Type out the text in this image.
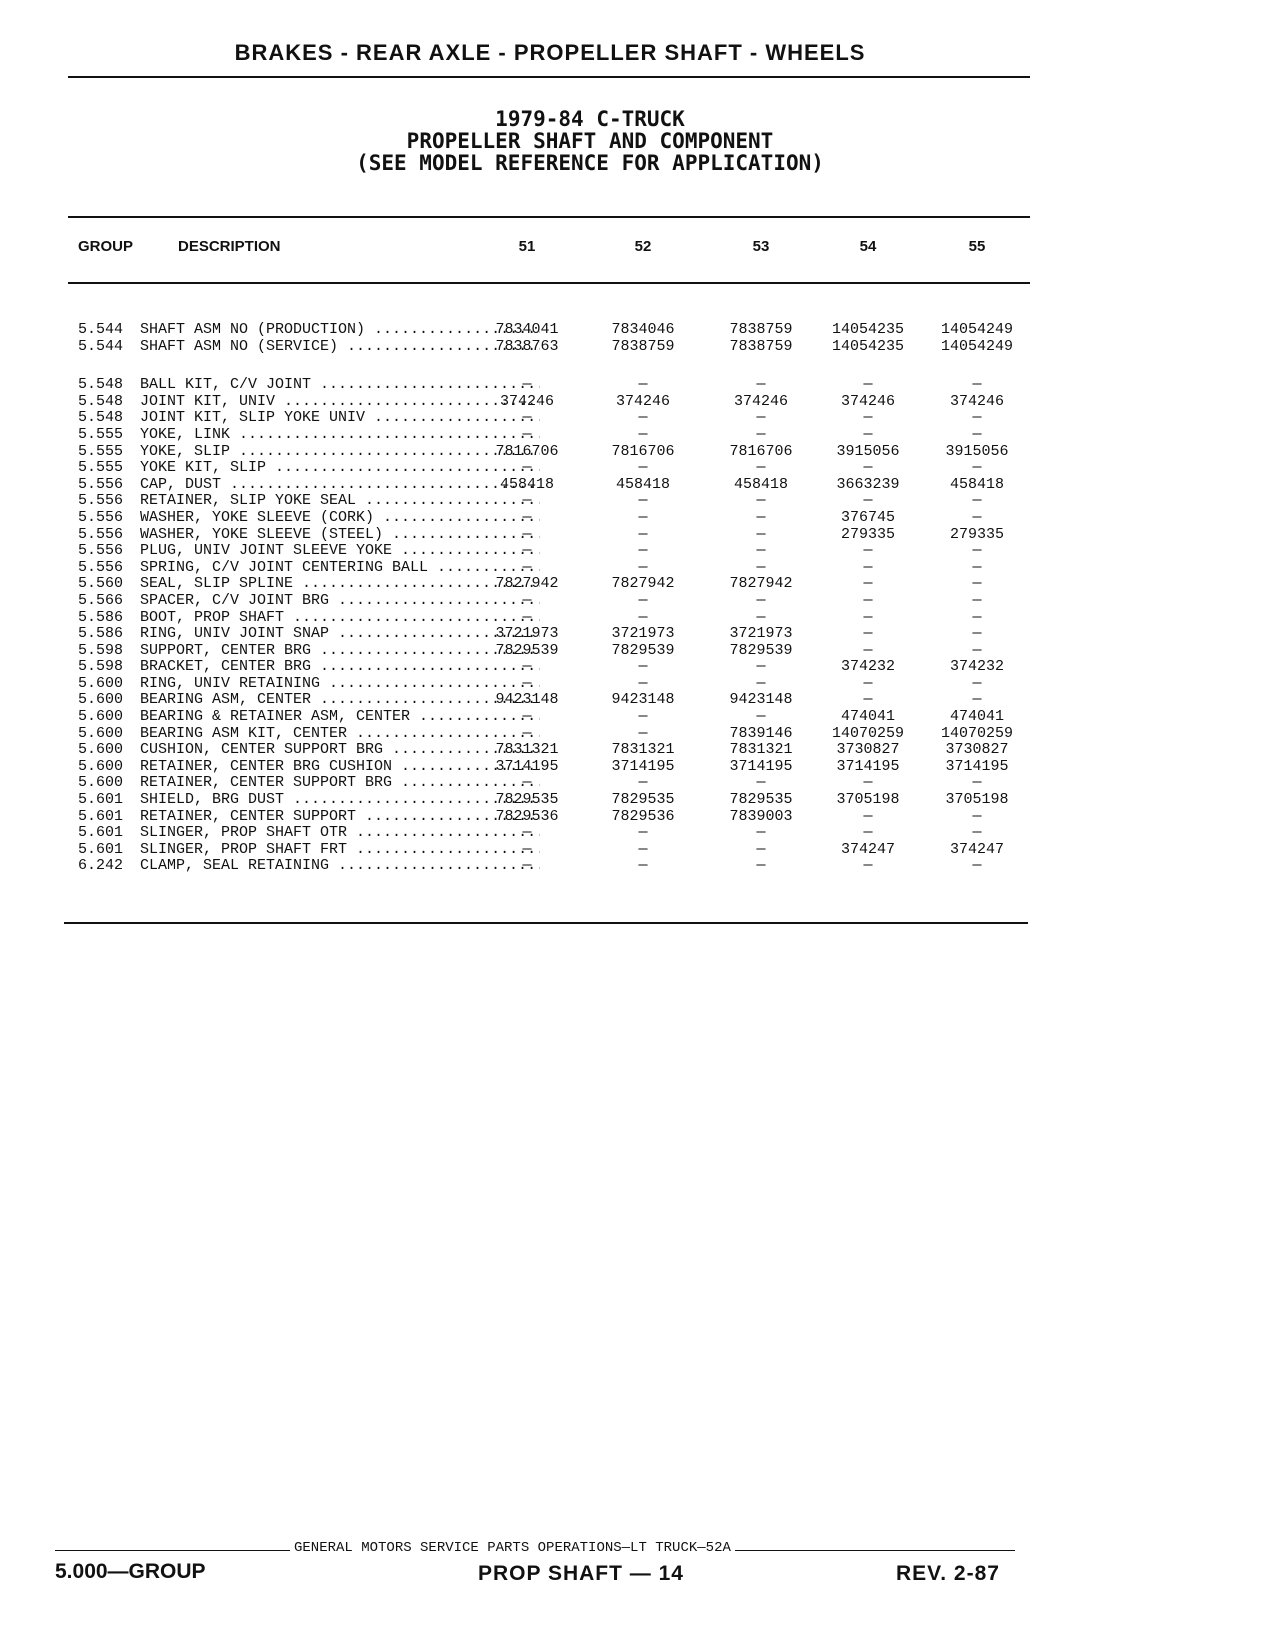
BRAKES - REAR AXLE - PROPELLER SHAFT - WHEELS
1979-84 C-TRUCK
PROPELLER SHAFT AND COMPONENT
(SEE MODEL REFERENCE FOR APPLICATION)
GROUP	DESCRIPTION	51	52	53	54	55
5.544	SHAFT ASM NO (PRODUCTION) .....	7834041	7834046	7838759	14054235	14054249
5.544	SHAFT ASM NO (SERVICE) .....	7838763	7838759	7838759	14054235	14054249
5.548	BALL KIT, C/V JOINT .....	—	—	—	—	—
5.548	JOINT KIT, UNIV .....	374246	374246	374246	374246	374246
5.548	JOINT KIT, SLIP YOKE UNIV .....	—	—	—	—	—
5.555	YOKE, LINK .....	—	—	—	—	—
5.555	YOKE, SLIP .....	7816706	7816706	7816706	3915056	3915056
5.555	YOKE KIT, SLIP .....	—	—	—	—	—
5.556	CAP, DUST .....	458418	458418	458418	3663239	458418
5.556	RETAINER, SLIP YOKE SEAL .....	—	—	—	—	—
5.556	WASHER, YOKE SLEEVE (CORK) .....	—	—	—	376745	—
5.556	WASHER, YOKE SLEEVE (STEEL) .....	—	—	—	279335	279335
5.556	PLUG, UNIV JOINT SLEEVE YOKE .....	—	—	—	—	—
5.556	SPRING, C/V JOINT CENTERING BALL .....	—	—	—	—	—
5.560	SEAL, SLIP SPLINE .....	7827942	7827942	7827942	—	—
5.566	SPACER, C/V JOINT BRG .....	—	—	—	—	—
5.586	BOOT, PROP SHAFT .....	—	—	—	—	—
5.586	RING, UNIV JOINT SNAP .....	3721973	3721973	3721973	—	—
5.598	SUPPORT, CENTER BRG .....	7829539	7829539	7829539	—	—
5.598	BRACKET, CENTER BRG .....	—	—	—	374232	374232
5.600	RING, UNIV RETAINING .....	—	—	—	—	—
5.600	BEARING ASM, CENTER .....	9423148	9423148	9423148	—	—
5.600	BEARING & RETAINER ASM, CENTER .....	—	—	—	474041	474041
5.600	BEARING ASM KIT, CENTER .....	—	—	7839146	14070259	14070259
5.600	CUSHION, CENTER SUPPORT BRG .....	7831321	7831321	7831321	3730827	3730827
5.600	RETAINER, CENTER BRG CUSHION .....	3714195	3714195	3714195	3714195	3714195
5.600	RETAINER, CENTER SUPPORT BRG .....	—	—	—	—	—
5.601	SHIELD, BRG DUST .....	7829535	7829535	7829535	3705198	3705198
5.601	RETAINER, CENTER SUPPORT .....	7829536	7829536	7839003	—	—
5.601	SLINGER, PROP SHAFT OTR .....	—	—	—	—	—
5.601	SLINGER, PROP SHAFT FRT .....	—	—	—	374247	374247
6.242	CLAMP, SEAL RETAINING .....	—	—	—	—	—
GENERAL MOTORS SERVICE PARTS OPERATIONS—LT TRUCK—52A
5.000—GROUP	PROP SHAFT — 14	REV. 2-87
